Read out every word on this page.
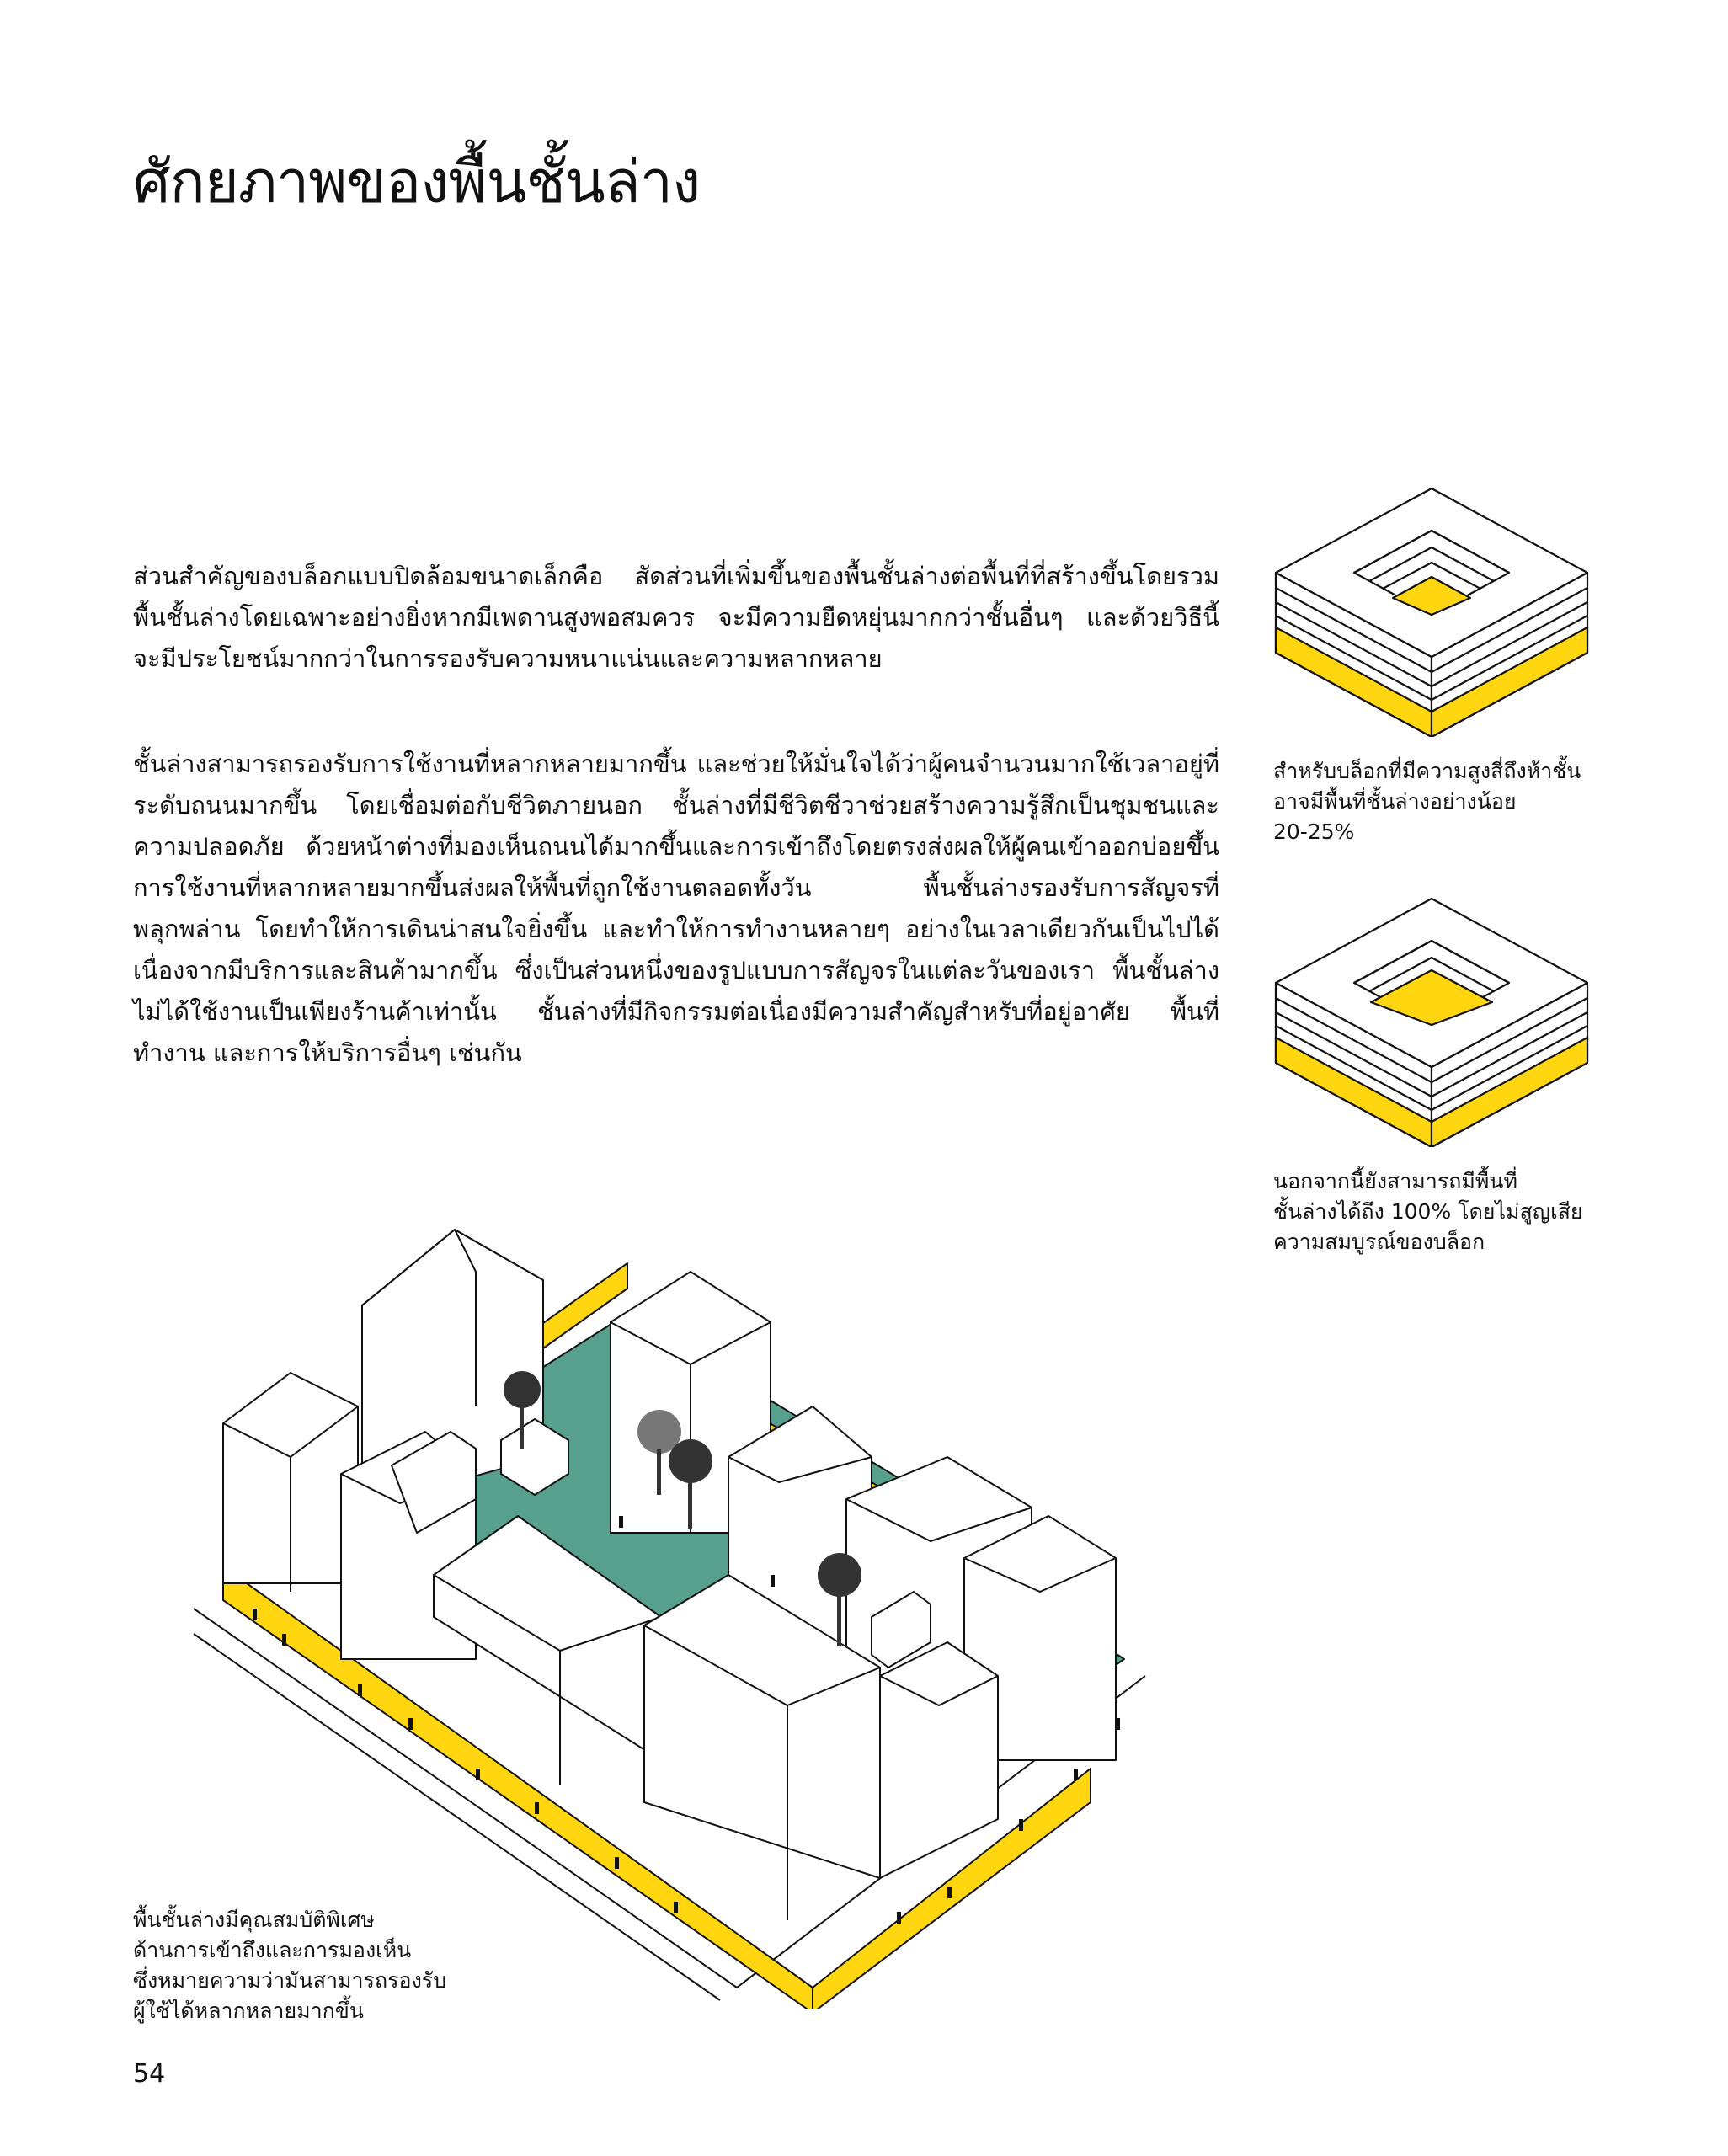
ศักยภาพของพื้นชั้นล่าง

ส่วนสำคัญของบล็อกแบบปิดล้อมขนาดเล็กคือ สัดส่วนที่เพิ่มขึ้นของพื้นชั้นล่างต่อพื้นที่ที่สร้างขึ้นโดยรวม พื้นชั้นล่างโดยเฉพาะอย่างยิ่งหากมีเพดานสูงพอสมควร จะมีความยืดหยุ่นมากกว่าชั้นอื่นๆ และด้วยวิธีนี้ จะมีประโยชน์มากกว่าในการรองรับความหนาแน่นและความหลากหลาย

ชั้นล่างสามารถรองรับการใช้งานที่หลากหลายมากขึ้น และช่วยให้มั่นใจได้ว่าผู้คนจำนวนมากใช้เวลาอยู่ที่ระดับถนนมากขึ้น โดยเชื่อมต่อกับชีวิตภายนอก ชั้นล่างที่มีชีวิตชีวาช่วยสร้างความรู้สึกเป็นชุมชนและความปลอดภัย ด้วยหน้าต่างที่มองเห็นถนนได้มากขึ้นและการเข้าถึงโดยตรงส่งผลให้ผู้คนเข้าออกบ่อยขึ้น การใช้งานที่หลากหลายมากขึ้นส่งผลให้พื้นที่ถูกใช้งานตลอดทั้งวัน พื้นชั้นล่างรองรับการสัญจรที่พลุกพล่าน โดยทำให้การเดินน่าสนใจยิ่งขึ้น และทำให้การทำงานหลายๆ อย่างในเวลาเดียวกันเป็นไปได้ เนื่องจากมีบริการและสินค้ามากขึ้น ซึ่งเป็นส่วนหนึ่งของรูปแบบการสัญจรในแต่ละวันของเรา พื้นชั้นล่างไม่ได้ใช้งานเป็นเพียงร้านค้าเท่านั้น ชั้นล่างที่มีกิจกรรมต่อเนื่องมีความสำคัญสำหรับที่อยู่อาศัย พื้นที่ทำงาน และการให้บริการอื่นๆ เช่นกัน

สำหรับบล็อกที่มีความสูงสี่ถึงห้าชั้น
อาจมีพื้นที่ชั้นล่างอย่างน้อย
20-25%

นอกจากนี้ยังสามารถมีพื้นที่
ชั้นล่างได้ถึง 100% โดยไม่สูญเสีย
ความสมบูรณ์ของบล็อก

พื้นชั้นล่างมีคุณสมบัติพิเศษ
ด้านการเข้าถึงและการมองเห็น
ซึ่งหมายความว่ามันสามารถรองรับ
ผู้ใช้ได้หลากหลายมากขึ้น

54
